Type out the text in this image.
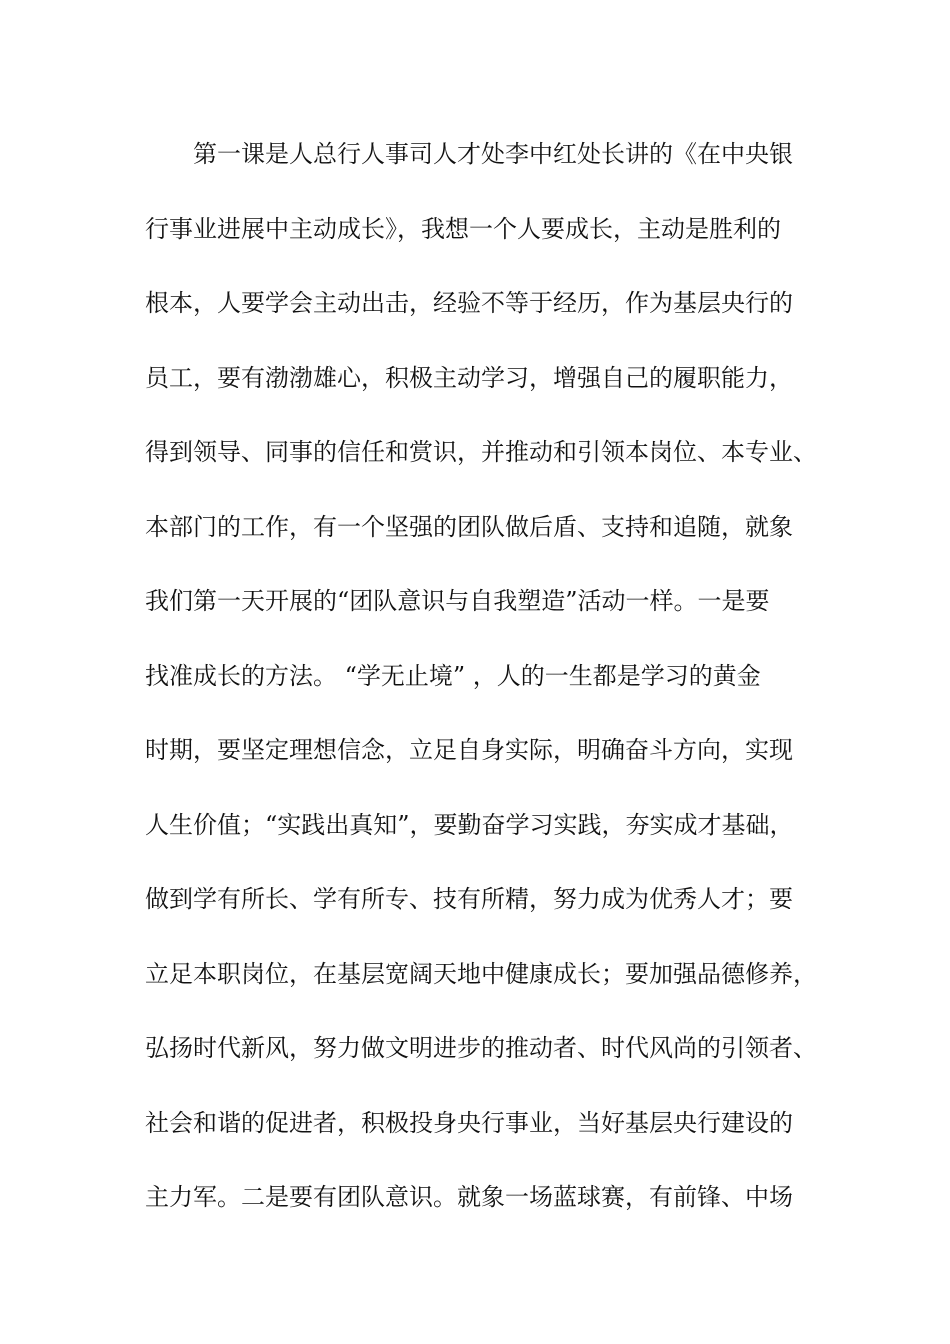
第一课是人总行人事司人才处李中红处长讲的《在中央银
行事业进展中主动成长》，我想一个人要成长，主动是胜利的
根本，人要学会主动出击，经验不等于经历，作为基层央行的
员工，要有渤渤雄心，积极主动学习，增强自己的履职能力，
得到领导、同事的信任和赏识，并推动和引领本岗位、本专业、
本部门的工作，有一个坚强的团队做后盾、支持和追随，就象
我们第一天开展的“团队意识与自我塑造”活动一样。一是要
找准成长的方法。 “学无止境” ，人的一生都是学习的黄金
时期，要坚定理想信念，立足自身实际，明确奋斗方向，实现
人生价值；“实践出真知”，要勤奋学习实践，夯实成才基础，
做到学有所长、学有所专、技有所精，努力成为优秀人才；要
立足本职岗位，在基层宽阔天地中健康成长；要加强品德修养，
弘扬时代新风，努力做文明进步的推动者、时代风尚的引领者、
社会和谐的促进者，积极投身央行事业，当好基层央行建设的
主力军。二是要有团队意识。就象一场蓝球赛，有前锋、中场
